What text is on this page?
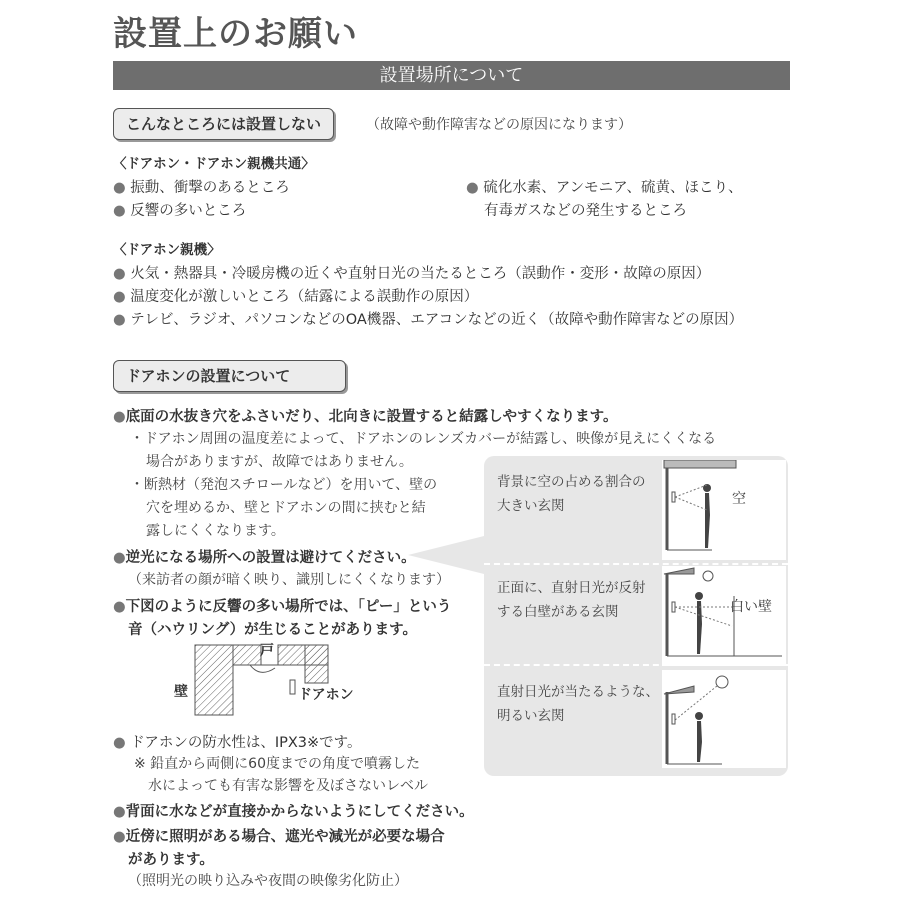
設置上のお願い
設置場所について
こんなところには設置しない	（故障や動作障害などの原因になります）
〈ドアホン・ドアホン親機共通〉
● 振動、衝撃のあるところ
● 反響の多いところ
● 硫化水素、アンモニア、硫黄、ほこり、
有毒ガスなどの発生するところ
〈ドアホン親機〉
● 火気・熱器具・冷暖房機の近くや直射日光の当たるところ（誤動作・変形・故障の原因）
● 温度変化が激しいところ（結露による誤動作の原因）
● テレビ、ラジオ、パソコンなどのOA機器、エアコンなどの近く（故障や動作障害などの原因）
ドアホンの設置について
●底面の水抜き穴をふさいだり、北向きに設置すると結露しやすくなります。
・ドアホン周囲の温度差によって、ドアホンのレンズカバーが結露し、映像が見えにくくなる
場合がありますが、故障ではありません。
・断熱材（発泡スチロールなど）を用いて、壁の
穴を埋めるか、壁とドアホンの間に挟むと結
露しにくくなります。
●逆光になる場所への設置は避けてください。
（来訪者の顔が暗く映り、識別しにくくなります）
●下図のように反響の多い場所では、「ピー」という
音（ハウリング）が生じることがあります。
壁
戸
ドアホン
● ドアホンの防水性は、IPX3※です。
※ 鉛直から両側に60度までの角度で噴霧した
水によっても有害な影響を及ぼさないレベル
●背面に水などが直接かからないようにしてください。
●近傍に照明がある場合、遮光や減光が必要な場合
があります。
（照明光の映り込みや夜間の映像劣化防止）
背景に空の占める割合の
大きい玄関
正面に、直射日光が反射
する白壁がある玄関
直射日光が当たるような、
明るい玄関
空
白い壁
